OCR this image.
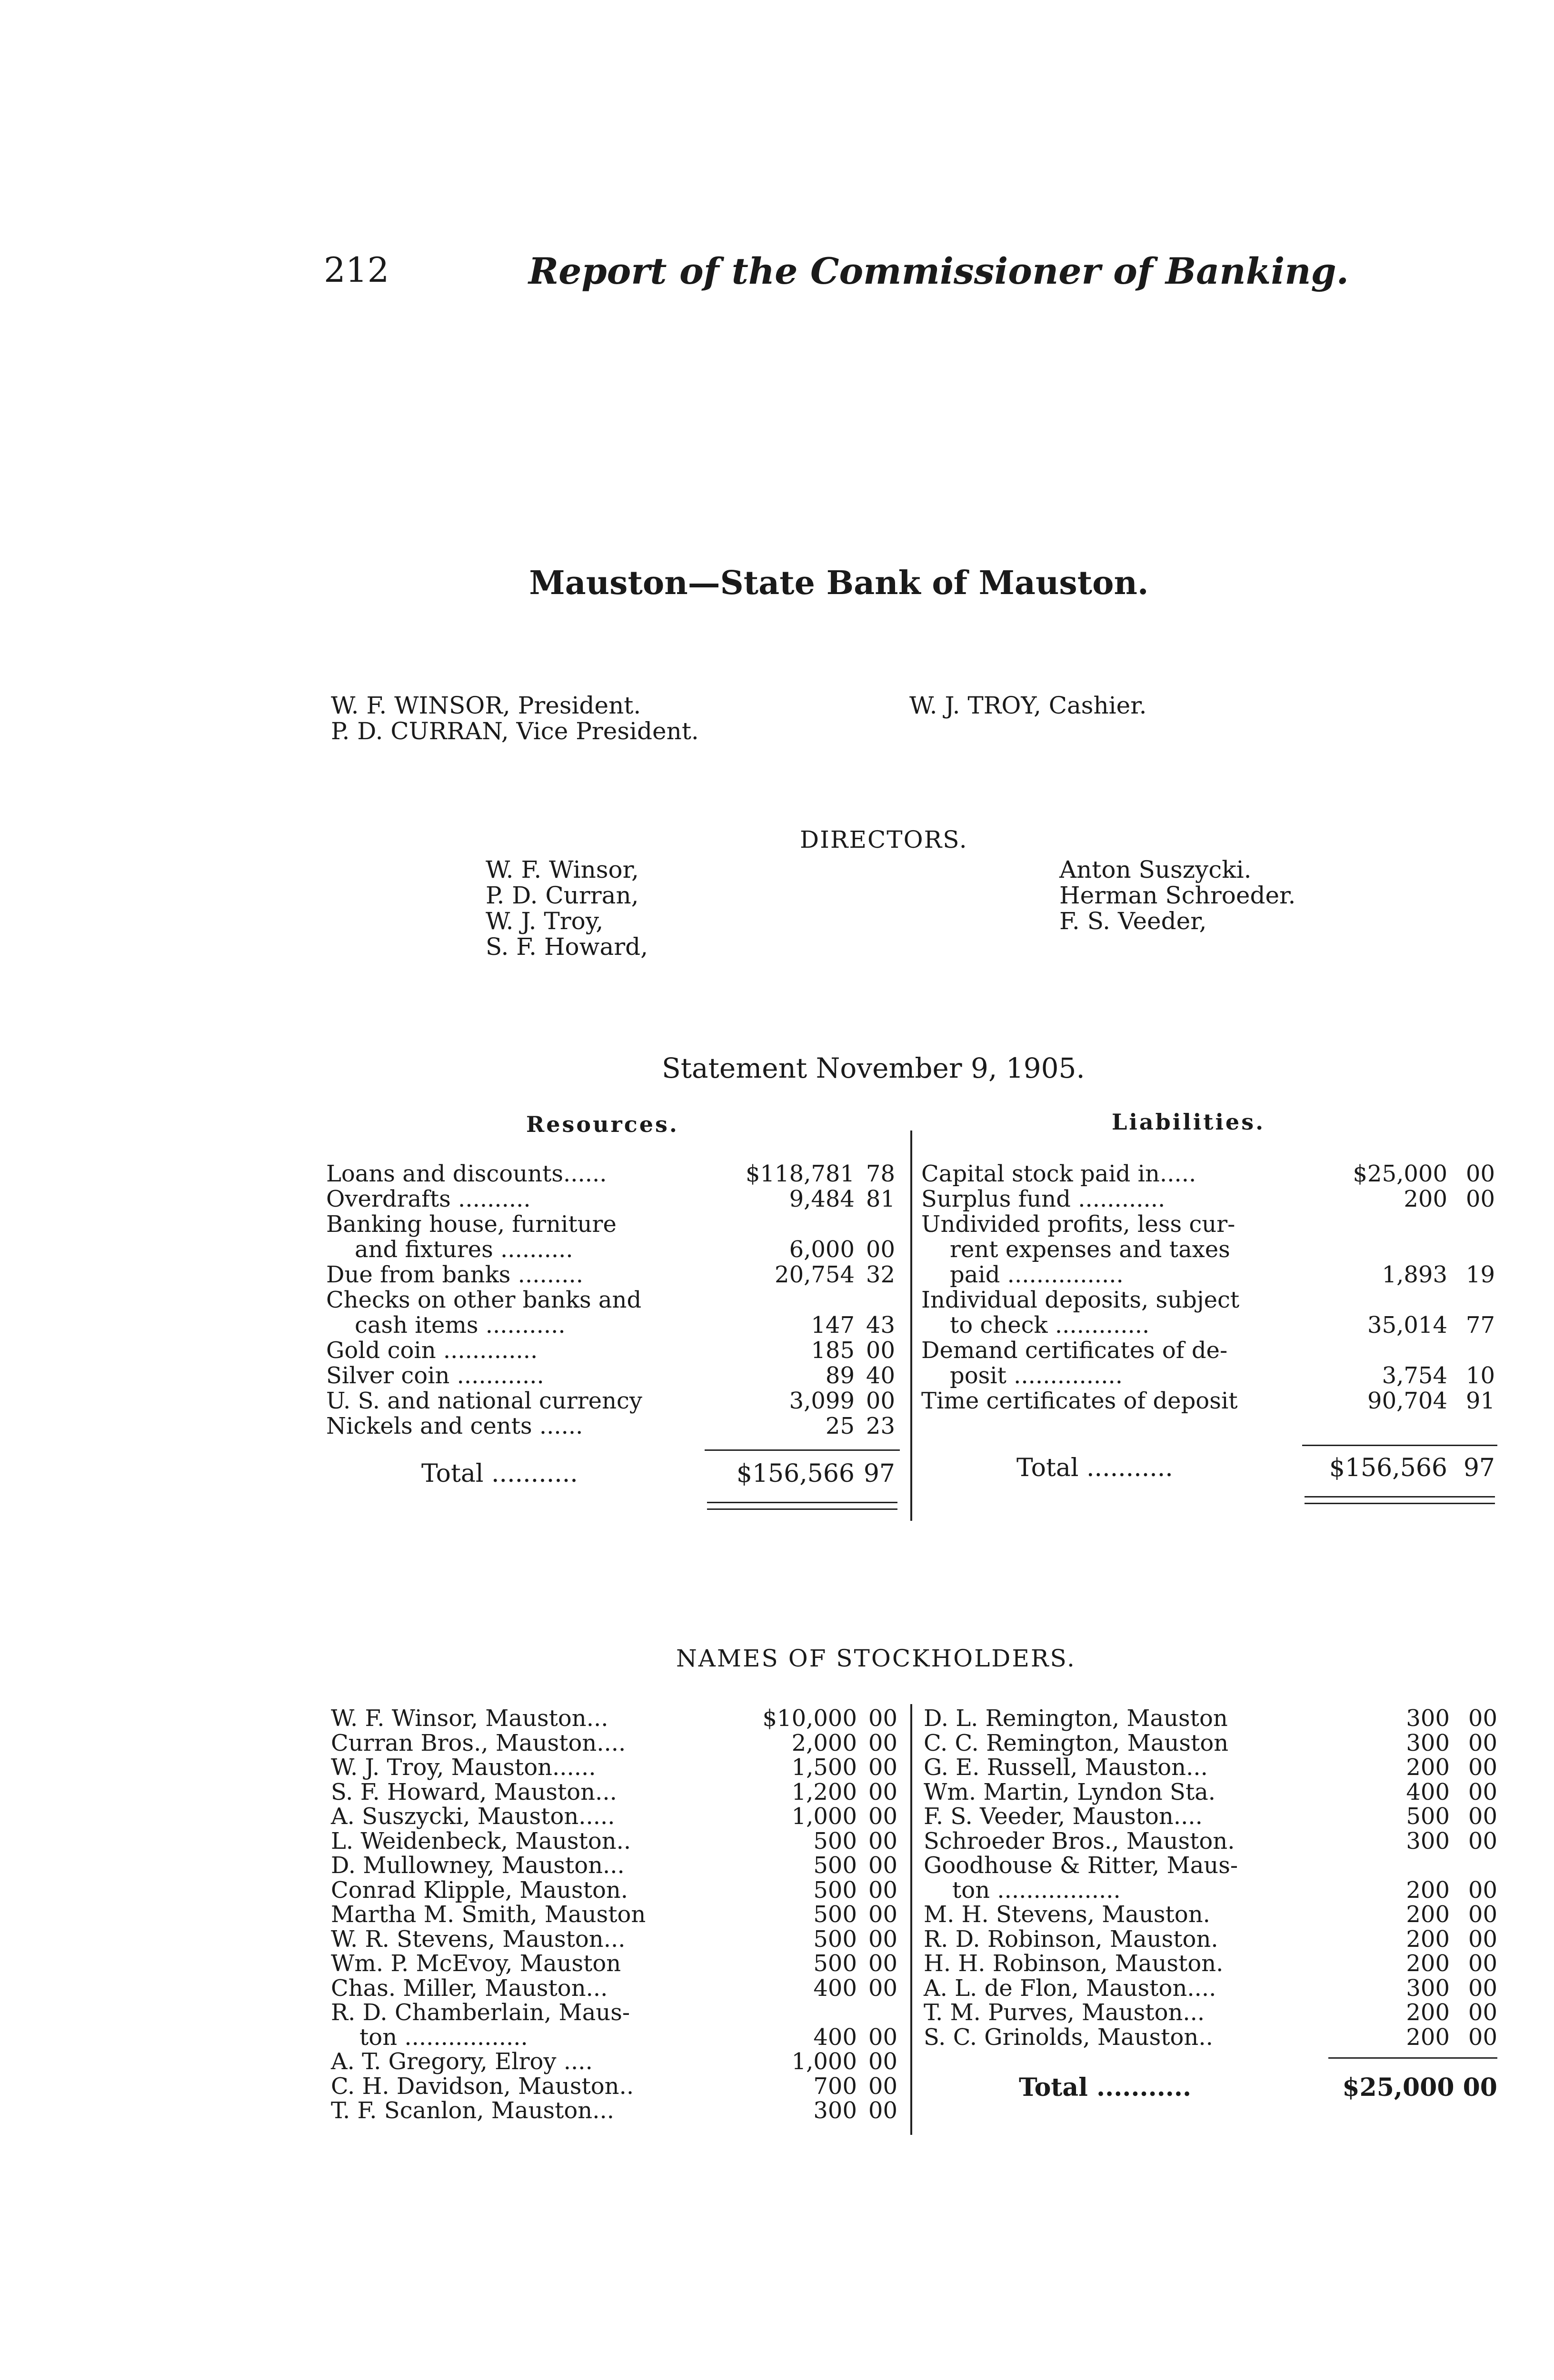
212	Report of the Commissioner of Banking.
Mauston—State Bank of Mauston.
W. F. WINSOR, President.
P. D. CURRAN, Vice President.
W. J. TROY, Cashier.
DIRECTORS.
W. F. Winsor,
P. D. Curran,
W. J. Troy,
S. F. Howard,
Anton Suszycki.
Herman Schroeder.
F. S. Veeder,
Statement November 9, 1905.
Resources.	Liabilities.
Loans and discounts......	$118,781 78
Overdrafts ..........	9,484 81
Banking house, furniture
and fixtures ..........	6,000 00
Due from banks .........	20,754 32
Checks on other banks and
cash items ...........	147 43
Gold coin .............	185 00
Silver coin ............	89 40
U. S. and national currency	3,099 00
Nickels and cents ......	25 23
Total ...........	$156,566 97
Capital stock paid in.....	$25,000 00
Surplus fund ............	200 00
Undivided profits, less cur-
rent expenses and taxes
paid ................	1,893 19
Individual deposits, subject
to check .............	35,014 77
Demand certificates of de-
posit ...............	3,754 10
Time certificates of deposit	90,704 91
Total ...........	$156,566 97
NAMES OF STOCKHOLDERS.
W. F. Winsor, Mauston...	$10,000 00
Curran Bros., Mauston....	2,000 00
W. J. Troy, Mauston......	1,500 00
S. F. Howard, Mauston...	1,200 00
A. Suszycki, Mauston.....	1,000 00
L. Weidenbeck, Mauston..	500 00
D. Mullowney, Mauston...	500 00
Conrad Klipple, Mauston.	500 00
Martha M. Smith, Mauston	500 00
W. R. Stevens, Mauston...	500 00
Wm. P. McEvoy, Mauston	500 00
Chas. Miller, Mauston...	400 00
R. D. Chamberlain, Maus-
ton .................	400 00
A. T. Gregory, Elroy ....	1,000 00
C. H. Davidson, Mauston..	700 00
T. F. Scanlon, Mauston...	300 00
D. L. Remington, Mauston	300 00
C. C. Remington, Mauston	300 00
G. E. Russell, Mauston...	200 00
Wm. Martin, Lyndon Sta.	400 00
F. S. Veeder, Mauston....	500 00
Schroeder Bros., Mauston.	300 00
Goodhouse & Ritter, Maus-
ton .................	200 00
M. H. Stevens, Mauston.	200 00
R. D. Robinson, Mauston.	200 00
H. H. Robinson, Mauston.	200 00
A. L. de Flon, Mauston....	300 00
T. M. Purves, Mauston...	200 00
S. C. Grinolds, Mauston..	200 00
Total ...........	$25,000 00
